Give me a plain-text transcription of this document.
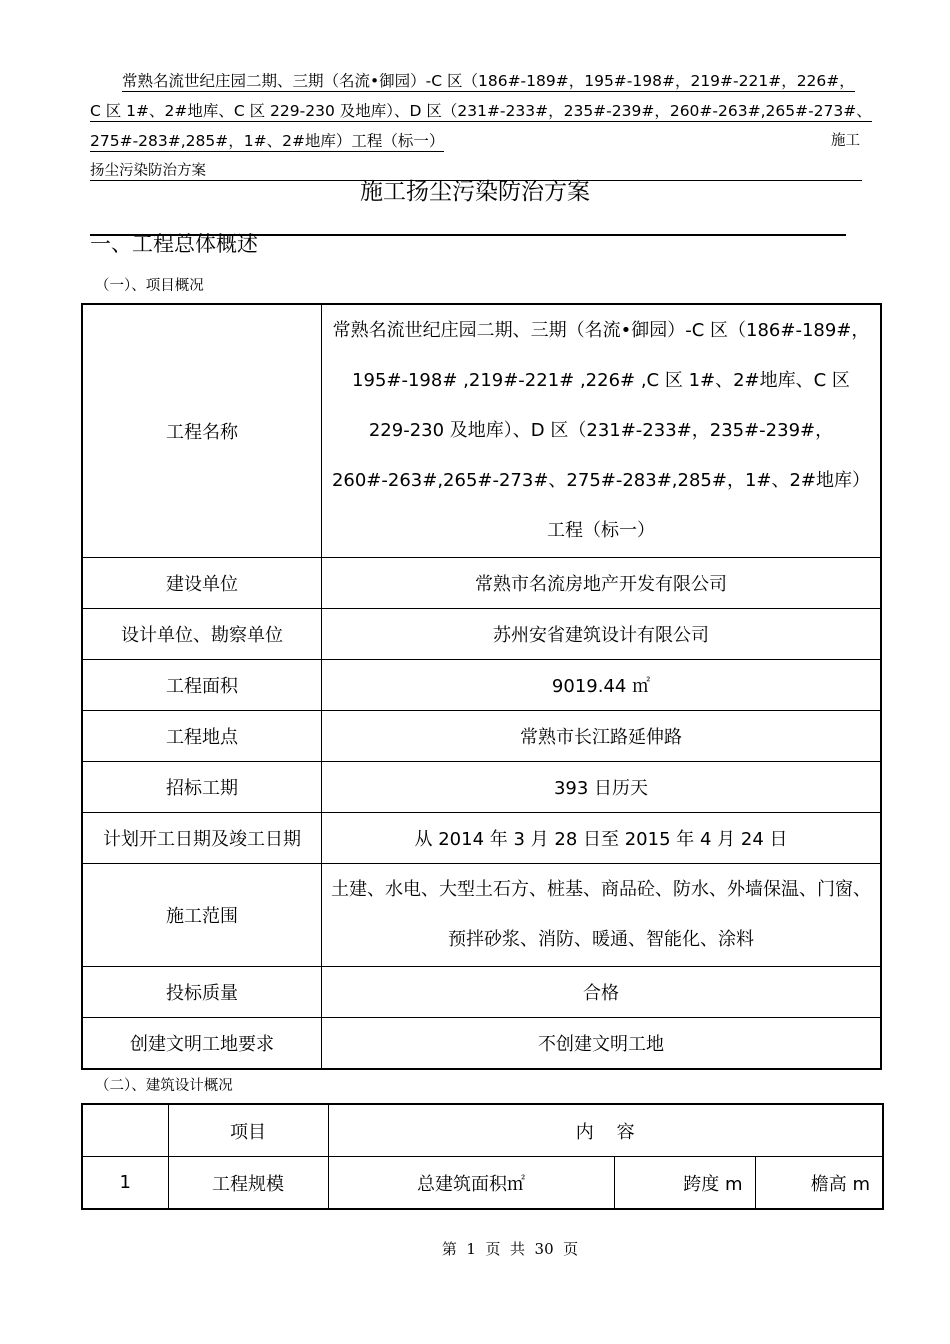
常熟名流世纪庄园二期、三期（名流•御园）-C 区（186#-189#，195#-198#，219#-221#，226#，
C 区 1#、2#地库、C 区 229-230 及地库）、D 区（231#-233#，235#-239#，260#-263#,265#-273#、
275#-283#,285#，1#、2#地库）工程（标一）	施工
扬尘污染防治方案
施工扬尘污染防治方案
一、工程总体概述
（一）、项目概况
工程名称	常熟名流世纪庄园二期、三期（名流•御园）-C 区（186#-189#，195#-198# ,219#-221# ,226# ,C 区 1#、2#地库、C 区 229-230 及地库）、D 区（231#-233#，235#-239#，260#-263#,265#-273#、275#-283#,285#，1#、2#地库）工程（标一）
建设单位	常熟市名流房地产开发有限公司
设计单位、勘察单位	苏州安省建筑设计有限公司
工程面积	9019.44 ㎡
工程地点	常熟市长江路延伸路
招标工期	393 日历天
计划开工日期及竣工日期	从 2014 年 3 月 28 日至 2015 年 4 月 24 日
施工范围	土建、水电、大型土石方、桩基、商品砼、防水、外墙保温、门窗、预拌砂浆、消防、暖通、智能化、涂料
投标质量	合格
创建文明工地要求	不创建文明工地
（二）、建筑设计概况
	项目	内    容		
1	工程规模	总建筑面积㎡	跨度 m	檐高 m
第  1  页  共  30  页
